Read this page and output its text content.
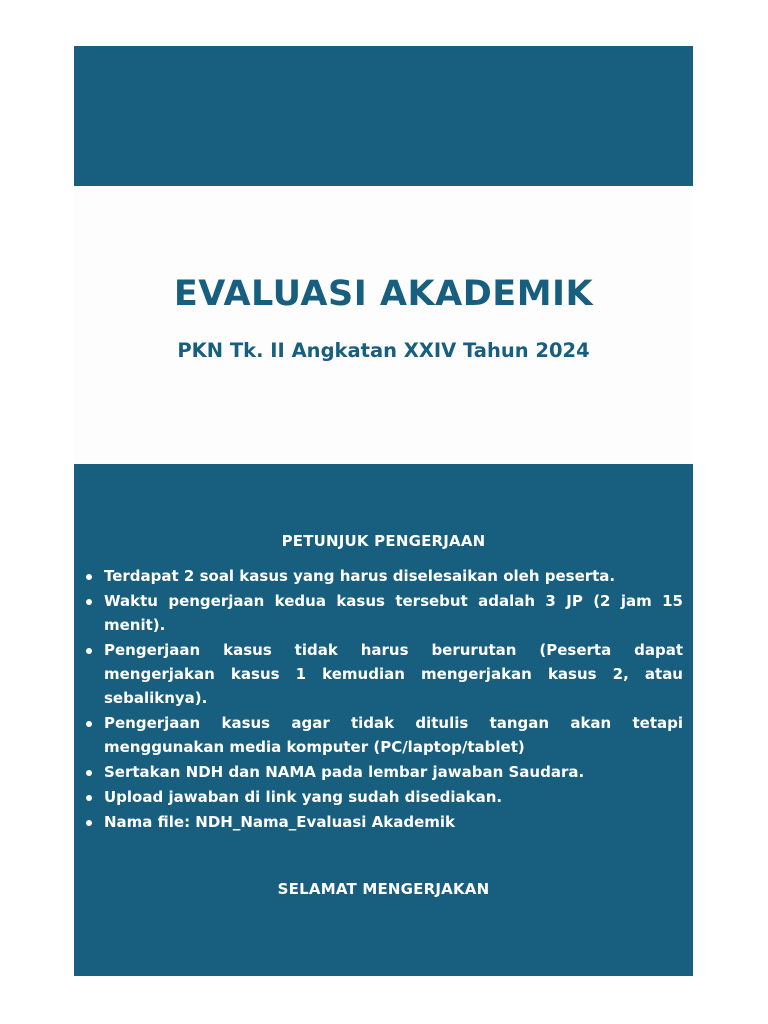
EVALUASI AKADEMIK
PKN Tk. II Angkatan XXIV Tahun 2024
PETUNJUK PENGERJAAN
Terdapat 2 soal kasus yang harus diselesaikan oleh peserta.
Waktu pengerjaan kedua kasus tersebut adalah 3 JP (2 jam 15 menit).
Pengerjaan kasus tidak harus berurutan (Peserta dapat mengerjakan kasus 1 kemudian mengerjakan kasus 2, atau sebaliknya).
Pengerjaan kasus agar tidak ditulis tangan akan tetapi menggunakan media komputer (PC/laptop/tablet)
Sertakan NDH dan NAMA pada lembar jawaban Saudara.
Upload jawaban di link yang sudah disediakan.
Nama file: NDH_Nama_Evaluasi Akademik
SELAMAT MENGERJAKAN
